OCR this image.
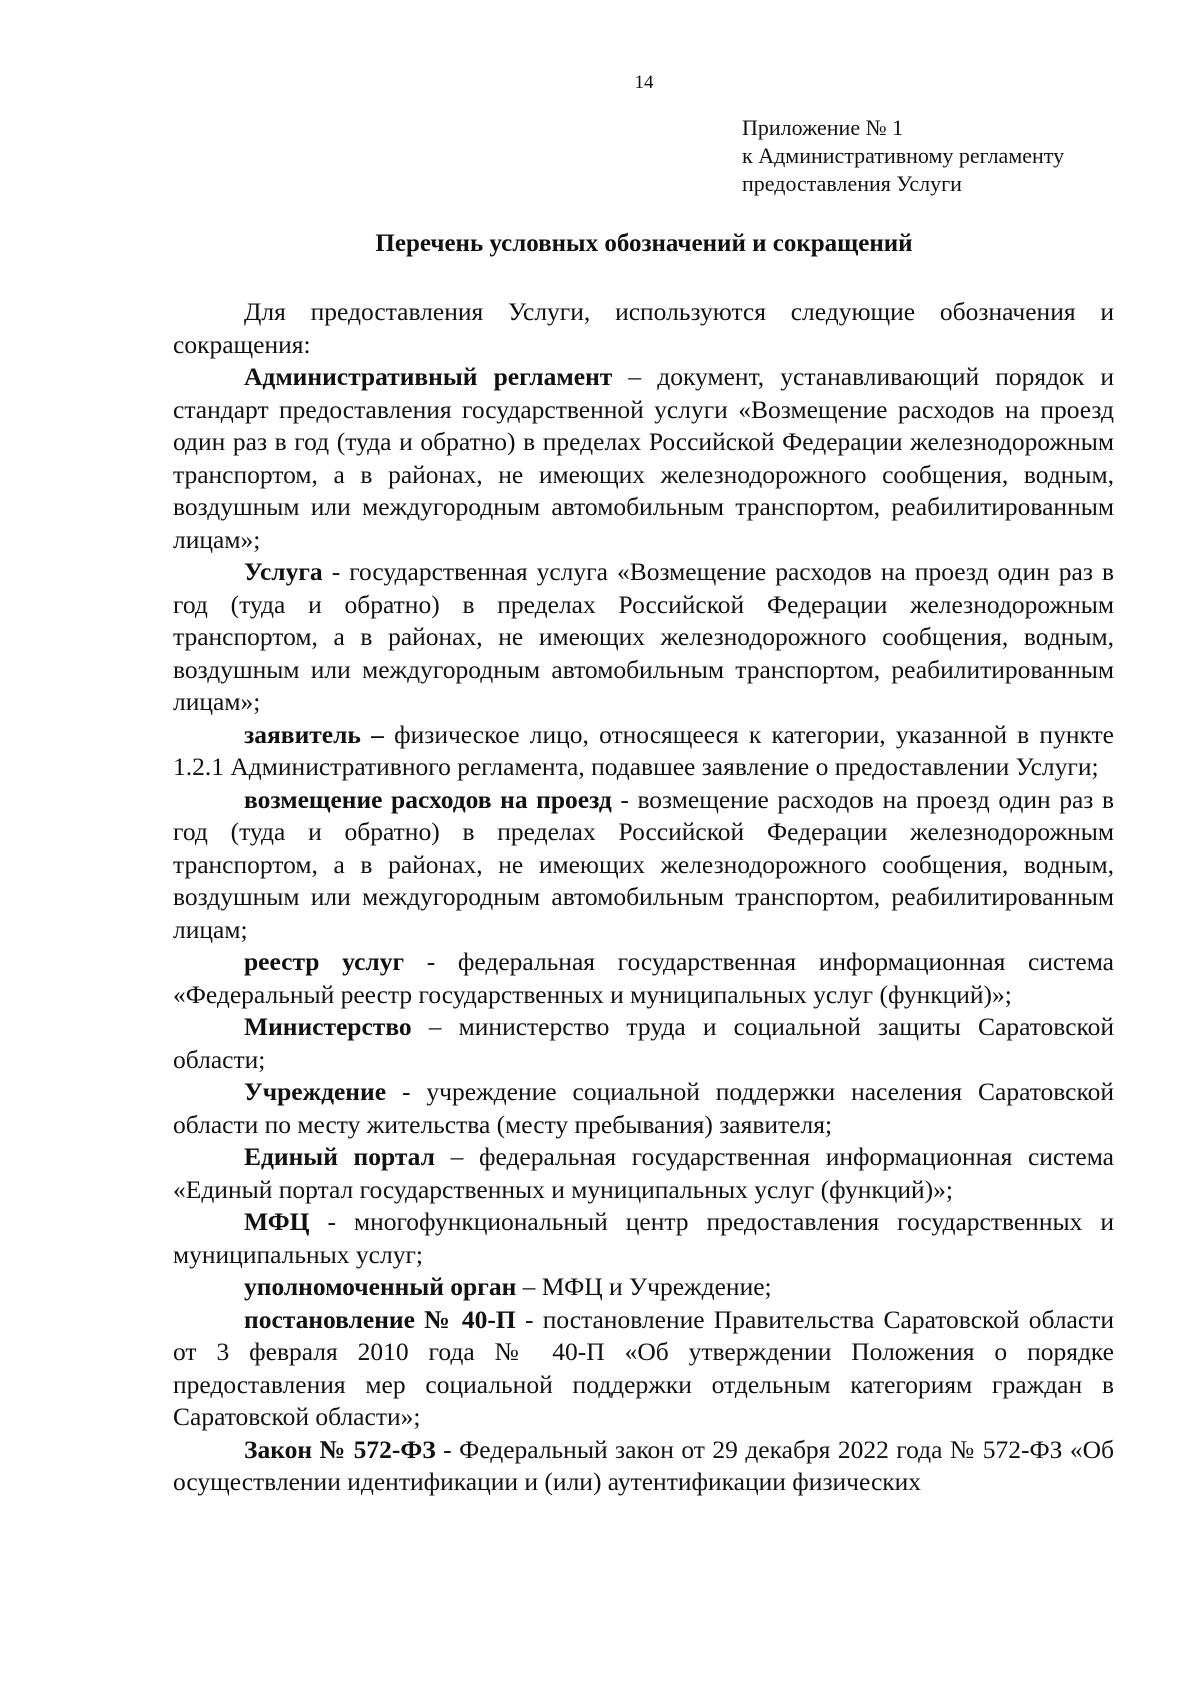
14
Приложение № 1
к Административному регламенту
предоставления Услуги
Перечень условных обозначений и сокращений

Для предоставления Услуги, используются следующие обозначения и сокращения:

Административный регламент – документ, устанавливающий порядок и стандарт предоставления государственной услуги «Возмещение расходов на проезд один раз в год (туда и обратно) в пределах Российской Федерации железнодорожным транспортом, а в районах, не имеющих железнодорожного сообщения, водным, воздушным или междугородным автомобильным транспортом, реабилитированным лицам»;

Услуга - государственная услуга «Возмещение расходов на проезд один раз в год (туда и обратно) в пределах Российской Федерации железнодорожным транспортом, а в районах, не имеющих железнодорожного сообщения, водным, воздушным или междугородным автомобильным транспортом, реабилитированным лицам»;

заявитель – физическое лицо, относящееся к категории, указанной в пункте 1.2.1 Административного регламента, подавшее заявление о предоставлении Услуги;

возмещение расходов на проезд - возмещение расходов на проезд один раз в год (туда и обратно) в пределах Российской Федерации железнодорожным транспортом, а в районах, не имеющих железнодорожного сообщения, водным, воздушным или междугородным автомобильным транспортом, реабилитированным лицам;

реестр услуг - федеральная государственная информационная система «Федеральный реестр государственных и муниципальных услуг (функций)»;

Министерство – министерство труда и социальной защиты Саратовской области;

Учреждение - учреждение социальной поддержки населения Саратовской области по месту жительства (месту пребывания) заявителя;

Единый портал – федеральная государственная информационная система «Единый портал государственных и муниципальных услуг (функций)»;

МФЦ - многофункциональный центр предоставления государственных и муниципальных услуг;

уполномоченный орган – МФЦ и Учреждение;

постановление № 40-П - постановление Правительства Саратовской области от 3 февраля 2010 года № 40-П «Об утверждении Положения о порядке предоставления мер социальной поддержки отдельным категориям граждан в Саратовской области»;

Закон № 572-ФЗ - Федеральный закон от 29 декабря 2022 года № 572-ФЗ «Об осуществлении идентификации и (или) аутентификации физических
